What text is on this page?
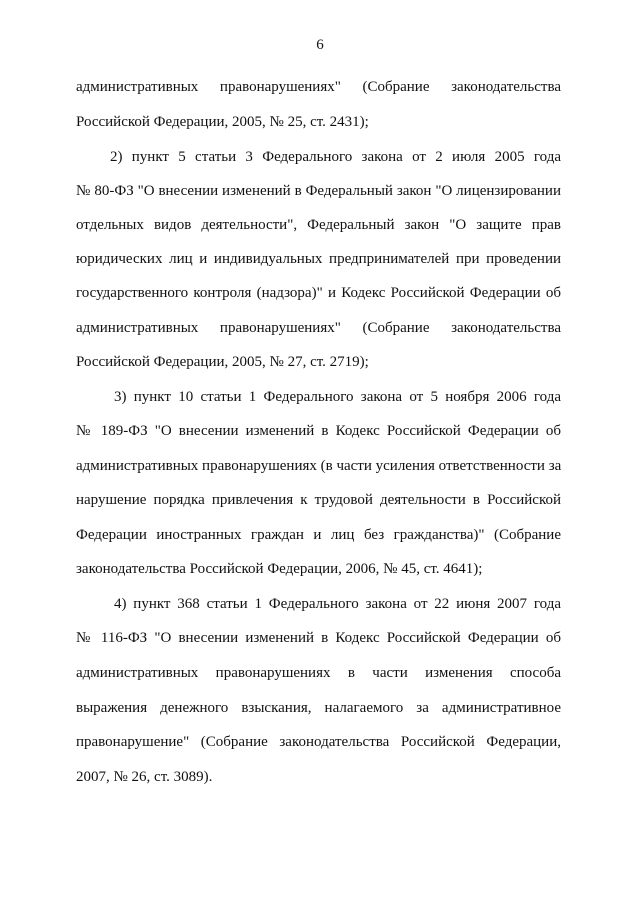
6
административных правонарушениях" (Собрание законодательства
Российской Федерации, 2005, № 25, ст. 2431);
2) пункт 5 статьи 3 Федерального закона от 2 июля 2005 года
№ 80-ФЗ "О внесении изменений в Федеральный закон "О лицензировании
отдельных видов деятельности", Федеральный закон "О защите прав
юридических лиц и индивидуальных предпринимателей при проведении
государственного контроля (надзора)" и Кодекс Российской Федерации об
административных правонарушениях" (Собрание законодательства
Российской Федерации, 2005, № 27, ст. 2719);
3) пункт 10 статьи 1 Федерального закона от 5 ноября 2006 года
№ 189-ФЗ "О внесении изменений в Кодекс Российской Федерации об
административных правонарушениях (в части усиления ответственности за
нарушение порядка привлечения к трудовой деятельности в Российской
Федерации иностранных граждан и лиц без гражданства)" (Собрание
законодательства Российской Федерации, 2006, № 45, ст. 4641);
4) пункт 368 статьи 1 Федерального закона от 22 июня 2007 года
№ 116-ФЗ "О внесении изменений в Кодекс Российской Федерации об
административных правонарушениях в части изменения способа
выражения денежного взыскания, налагаемого за административное
правонарушение" (Собрание законодательства Российской Федерации,
2007, № 26, ст. 3089).
